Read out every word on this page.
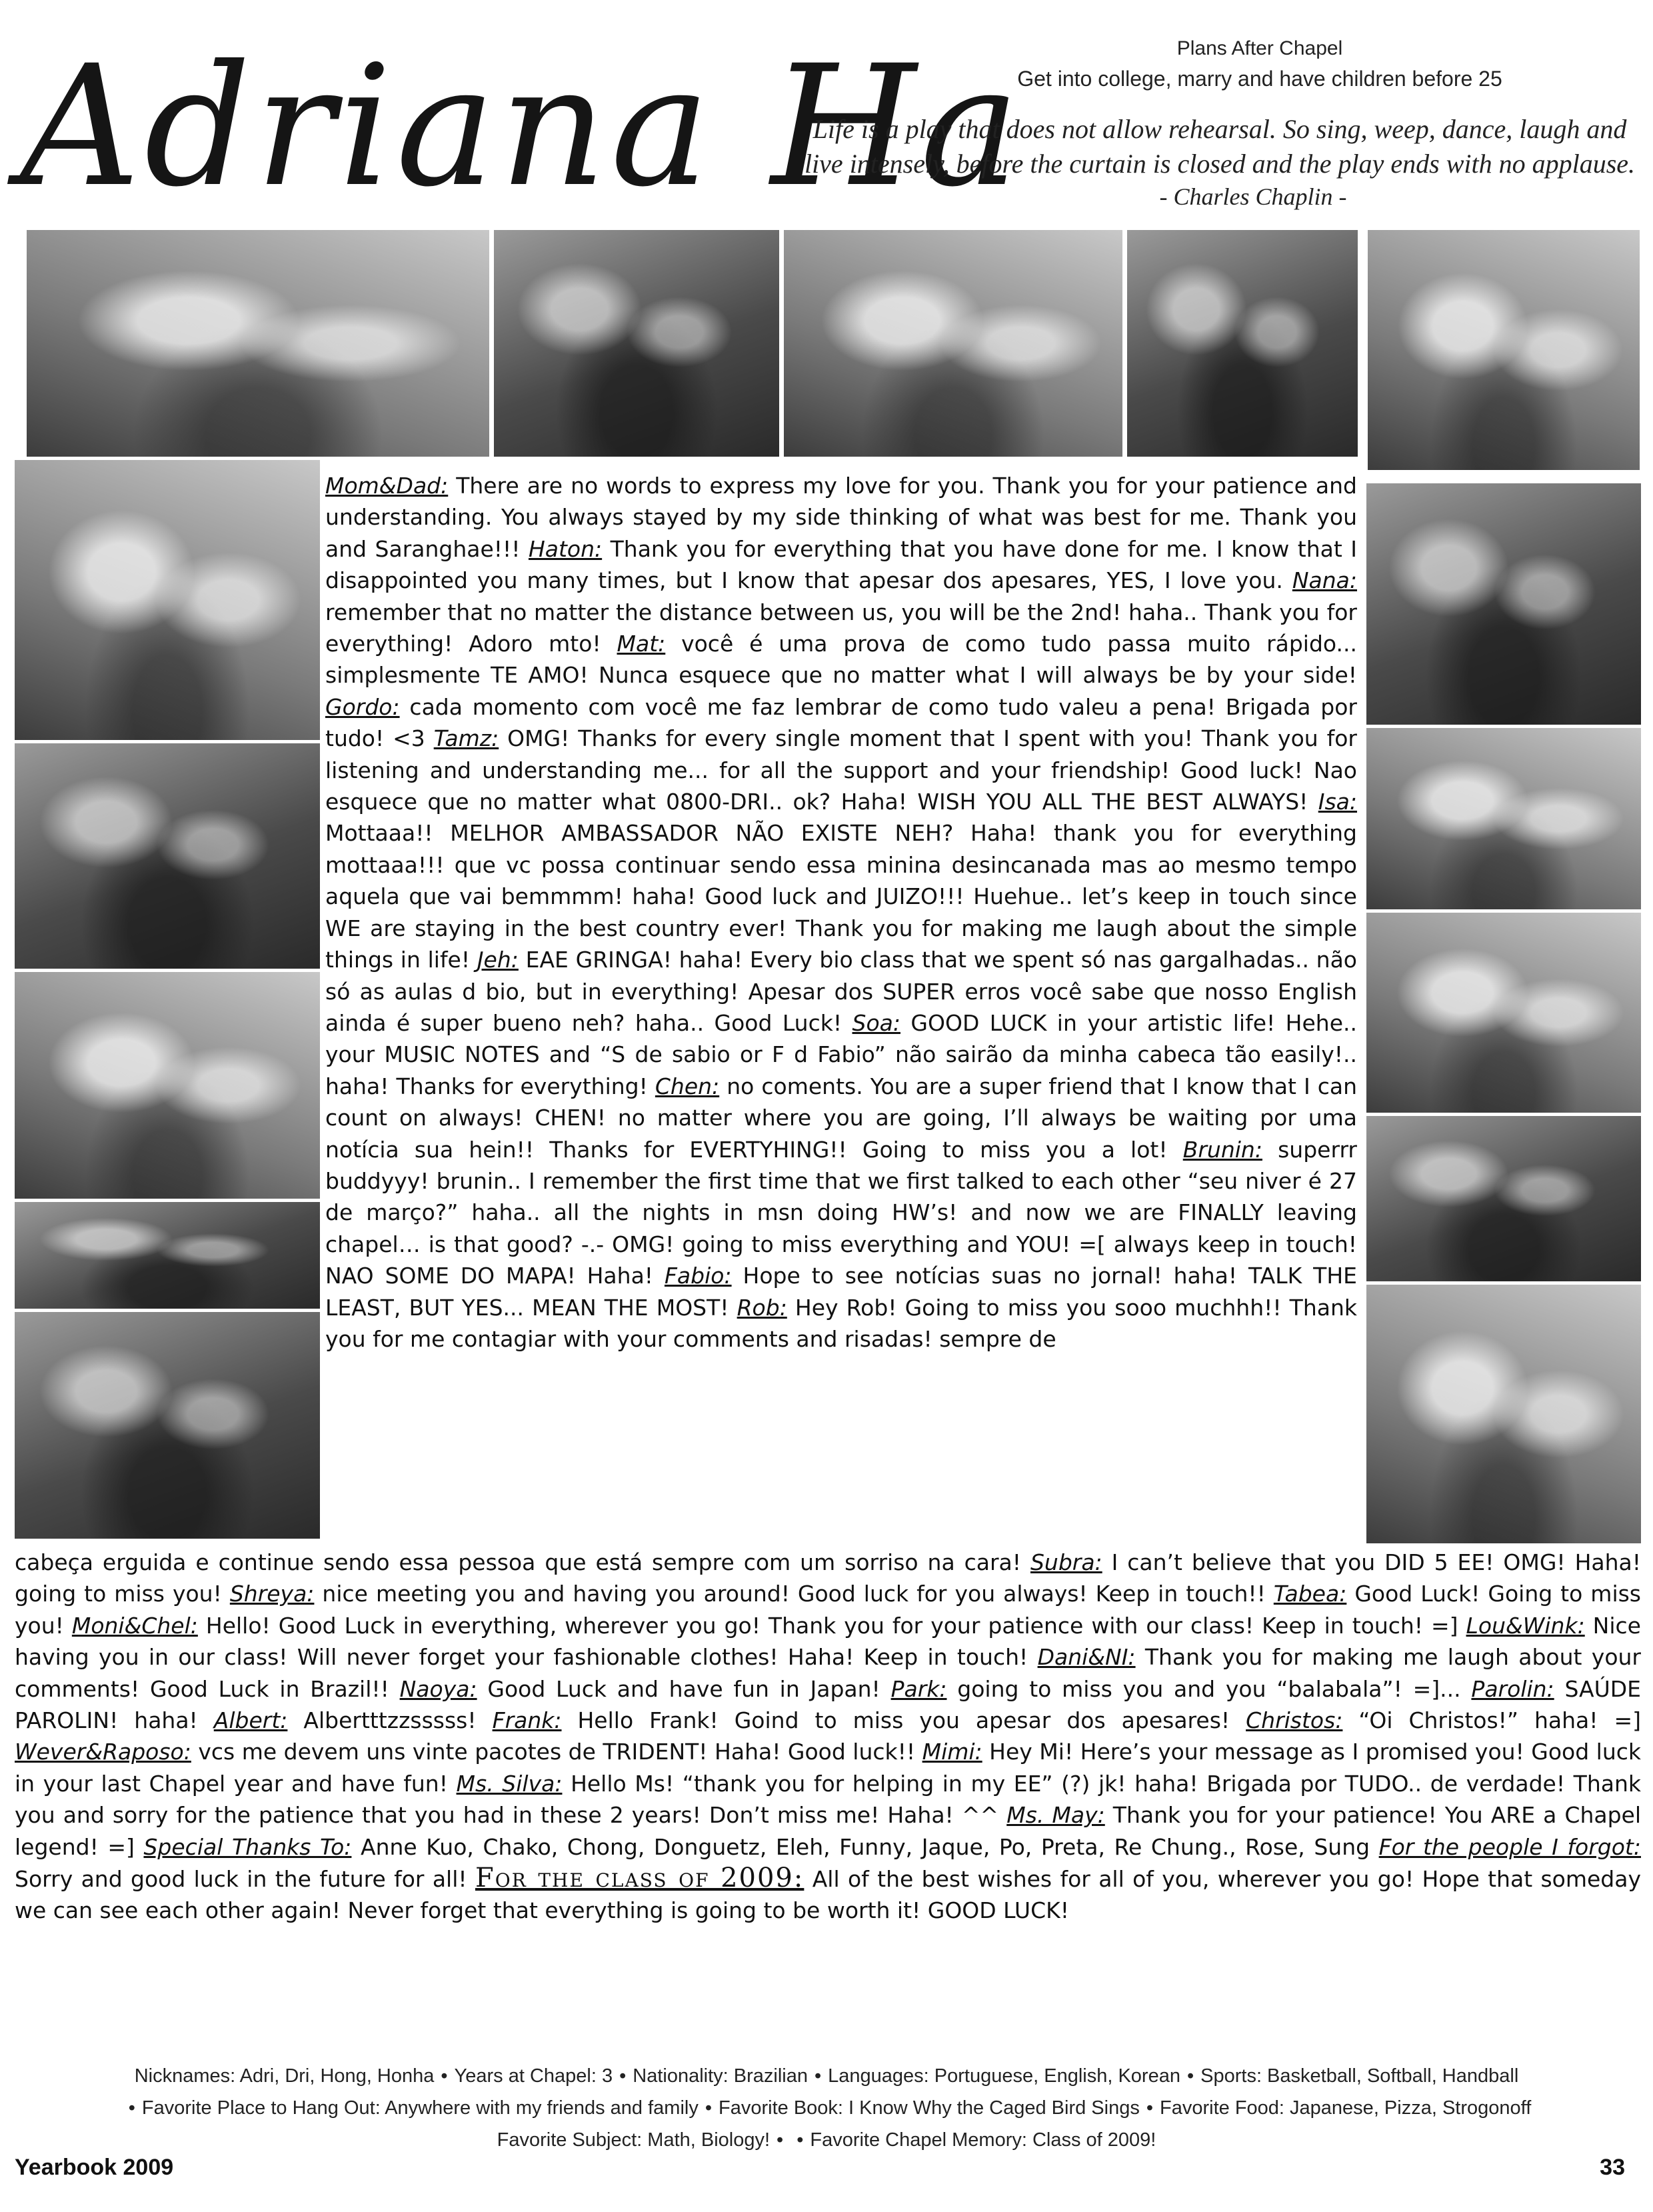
Adriana Ha	Plans After Chapel
Get into college, marry and have children before 25
Life is a play that does not allow rehearsal. So sing, weep, dance, laugh and live intensely, before the curtain is closed and the play ends with no applause.
- Charles Chaplin -

Mom&Dad: There are no words to express my love for you. Thank you for your patience and understanding. You always stayed by my side thinking of what was best for me. Thank you and Saranghae!!! Haton: Thank you for everything that you have done for me. I know that I disappointed you many times, but I know that apesar dos apesares, YES, I love you. Nana: remember that no matter the distance between us, you will be the 2nd! haha.. Thank you for everything! Adoro mto! Mat: você é uma prova de como tudo passa muito rápido... simplesmente TE AMO! Nunca esquece que no matter what I will always be by your side! Gordo: cada momento com você me faz lembrar de como tudo valeu a pena! Brigada por tudo! <3 Tamz: OMG! Thanks for every single moment that I spent with you! Thank you for listening and understanding me... for all the support and your friendship! Good luck! Nao esquece que no matter what 0800-DRI.. ok? Haha! WISH YOU ALL THE BEST ALWAYS! Isa: Mottaaa!! MELHOR AMBASSADOR NÃO EXISTE NEH? Haha! thank you for everything mottaaa!!! que vc possa continuar sendo essa minina desincanada mas ao mesmo tempo aquela que vai bemmmm! haha! Good luck and JUIZO!!! Huehue.. let’s keep in touch since WE are staying in the best country ever! Thank you for making me laugh about the simple things in life! Jeh: EAE GRINGA! haha! Every bio class that we spent só nas gargalhadas.. não só as aulas d bio, but in everything! Apesar dos SUPER erros você sabe que nosso English ainda é super bueno neh? haha.. Good Luck! Soa: GOOD LUCK in your artistic life! Hehe.. your MUSIC NOTES and “S de sabio or F d Fabio” não sairão da minha cabeca tão easily!.. haha! Thanks for everything! Chen: no coments. You are a super friend that I know that I can count on always! CHEN! no matter where you are going, I’ll always be waiting por uma notícia sua hein!! Thanks for EVERTYHING!! Going to miss you a lot! Brunin: superrr buddyyy! brunin.. I remember the first time that we first talked to each other “seu niver é 27 de março?” haha.. all the nights in msn doing HW’s! and now we are FINALLY leaving chapel… is that good? -.- OMG! going to miss everything and YOU! =[ always keep in touch! NAO SOME DO MAPA! Haha! Fabio: Hope to see notícias suas no jornal! haha! TALK THE LEAST, BUT YES... MEAN THE MOST! Rob: Hey Rob! Going to miss you sooo muchhh!! Thank you for me contagiar with your comments and risadas! sempre de

cabeça erguida e continue sendo essa pessoa que está sempre com um sorriso na cara! Subra: I can’t believe that you DID 5 EE! OMG! Haha! going to miss you! Shreya: nice meeting you and having you around! Good luck for you always! Keep in touch!! Tabea: Good Luck! Going to miss you! Moni&Chel: Hello! Good Luck in everything, wherever you go! Thank you for your patience with our class! Keep in touch! =] Lou&Wink: Nice having you in our class! Will never forget your fashionable clothes! Haha! Keep in touch! Dani&NI: Thank you for making me laugh about your comments! Good Luck in Brazil!! Naoya: Good Luck and have fun in Japan! Park: going to miss you and you “balabala”! =]... Parolin: SAÚDE PAROLIN! haha! Albert: Albertttzzsssss! Frank: Hello Frank! Goind to miss you apesar dos apesares! Christos: “Oi Christos!” haha! =] Wever&Raposo: vcs me devem uns vinte pacotes de TRIDENT! Haha! Good luck!! Mimi: Hey Mi! Here’s your message as I promised you! Good luck in your last Chapel year and have fun! Ms. Silva: Hello Ms! “thank you for helping in my EE” (?) jk! haha! Brigada por TUDO.. de verdade! Thank you and sorry for the patience that you had in these 2 years! Don’t miss me! Haha! ^^ Ms. May: Thank you for your patience! You ARE a Chapel legend! =] Special Thanks To: Anne Kuo, Chako, Chong, Donguetz, Eleh, Funny, Jaque, Po, Preta, Re Chung., Rose, Sung For the people I forgot: Sorry and good luck in the future for all! For the class of 2009: All of the best wishes for all of you, wherever you go! Hope that someday we can see each other again! Never forget that everything is going to be worth it! GOOD LUCK!

Nicknames: Adri, Dri, Hong, Honha • Years at Chapel: 3 • Nationality: Brazilian • Languages: Portuguese, English, Korean • Sports: Basketball, Softball, Handball
• Favorite Place to Hang Out: Anywhere with my friends and family • Favorite Book: I Know Why the Caged Bird Sings • Favorite Food: Japanese, Pizza, Strogonoff
Favorite Subject: Math, Biology! • • Favorite Chapel Memory: Class of 2009!
Yearbook 2009	33
